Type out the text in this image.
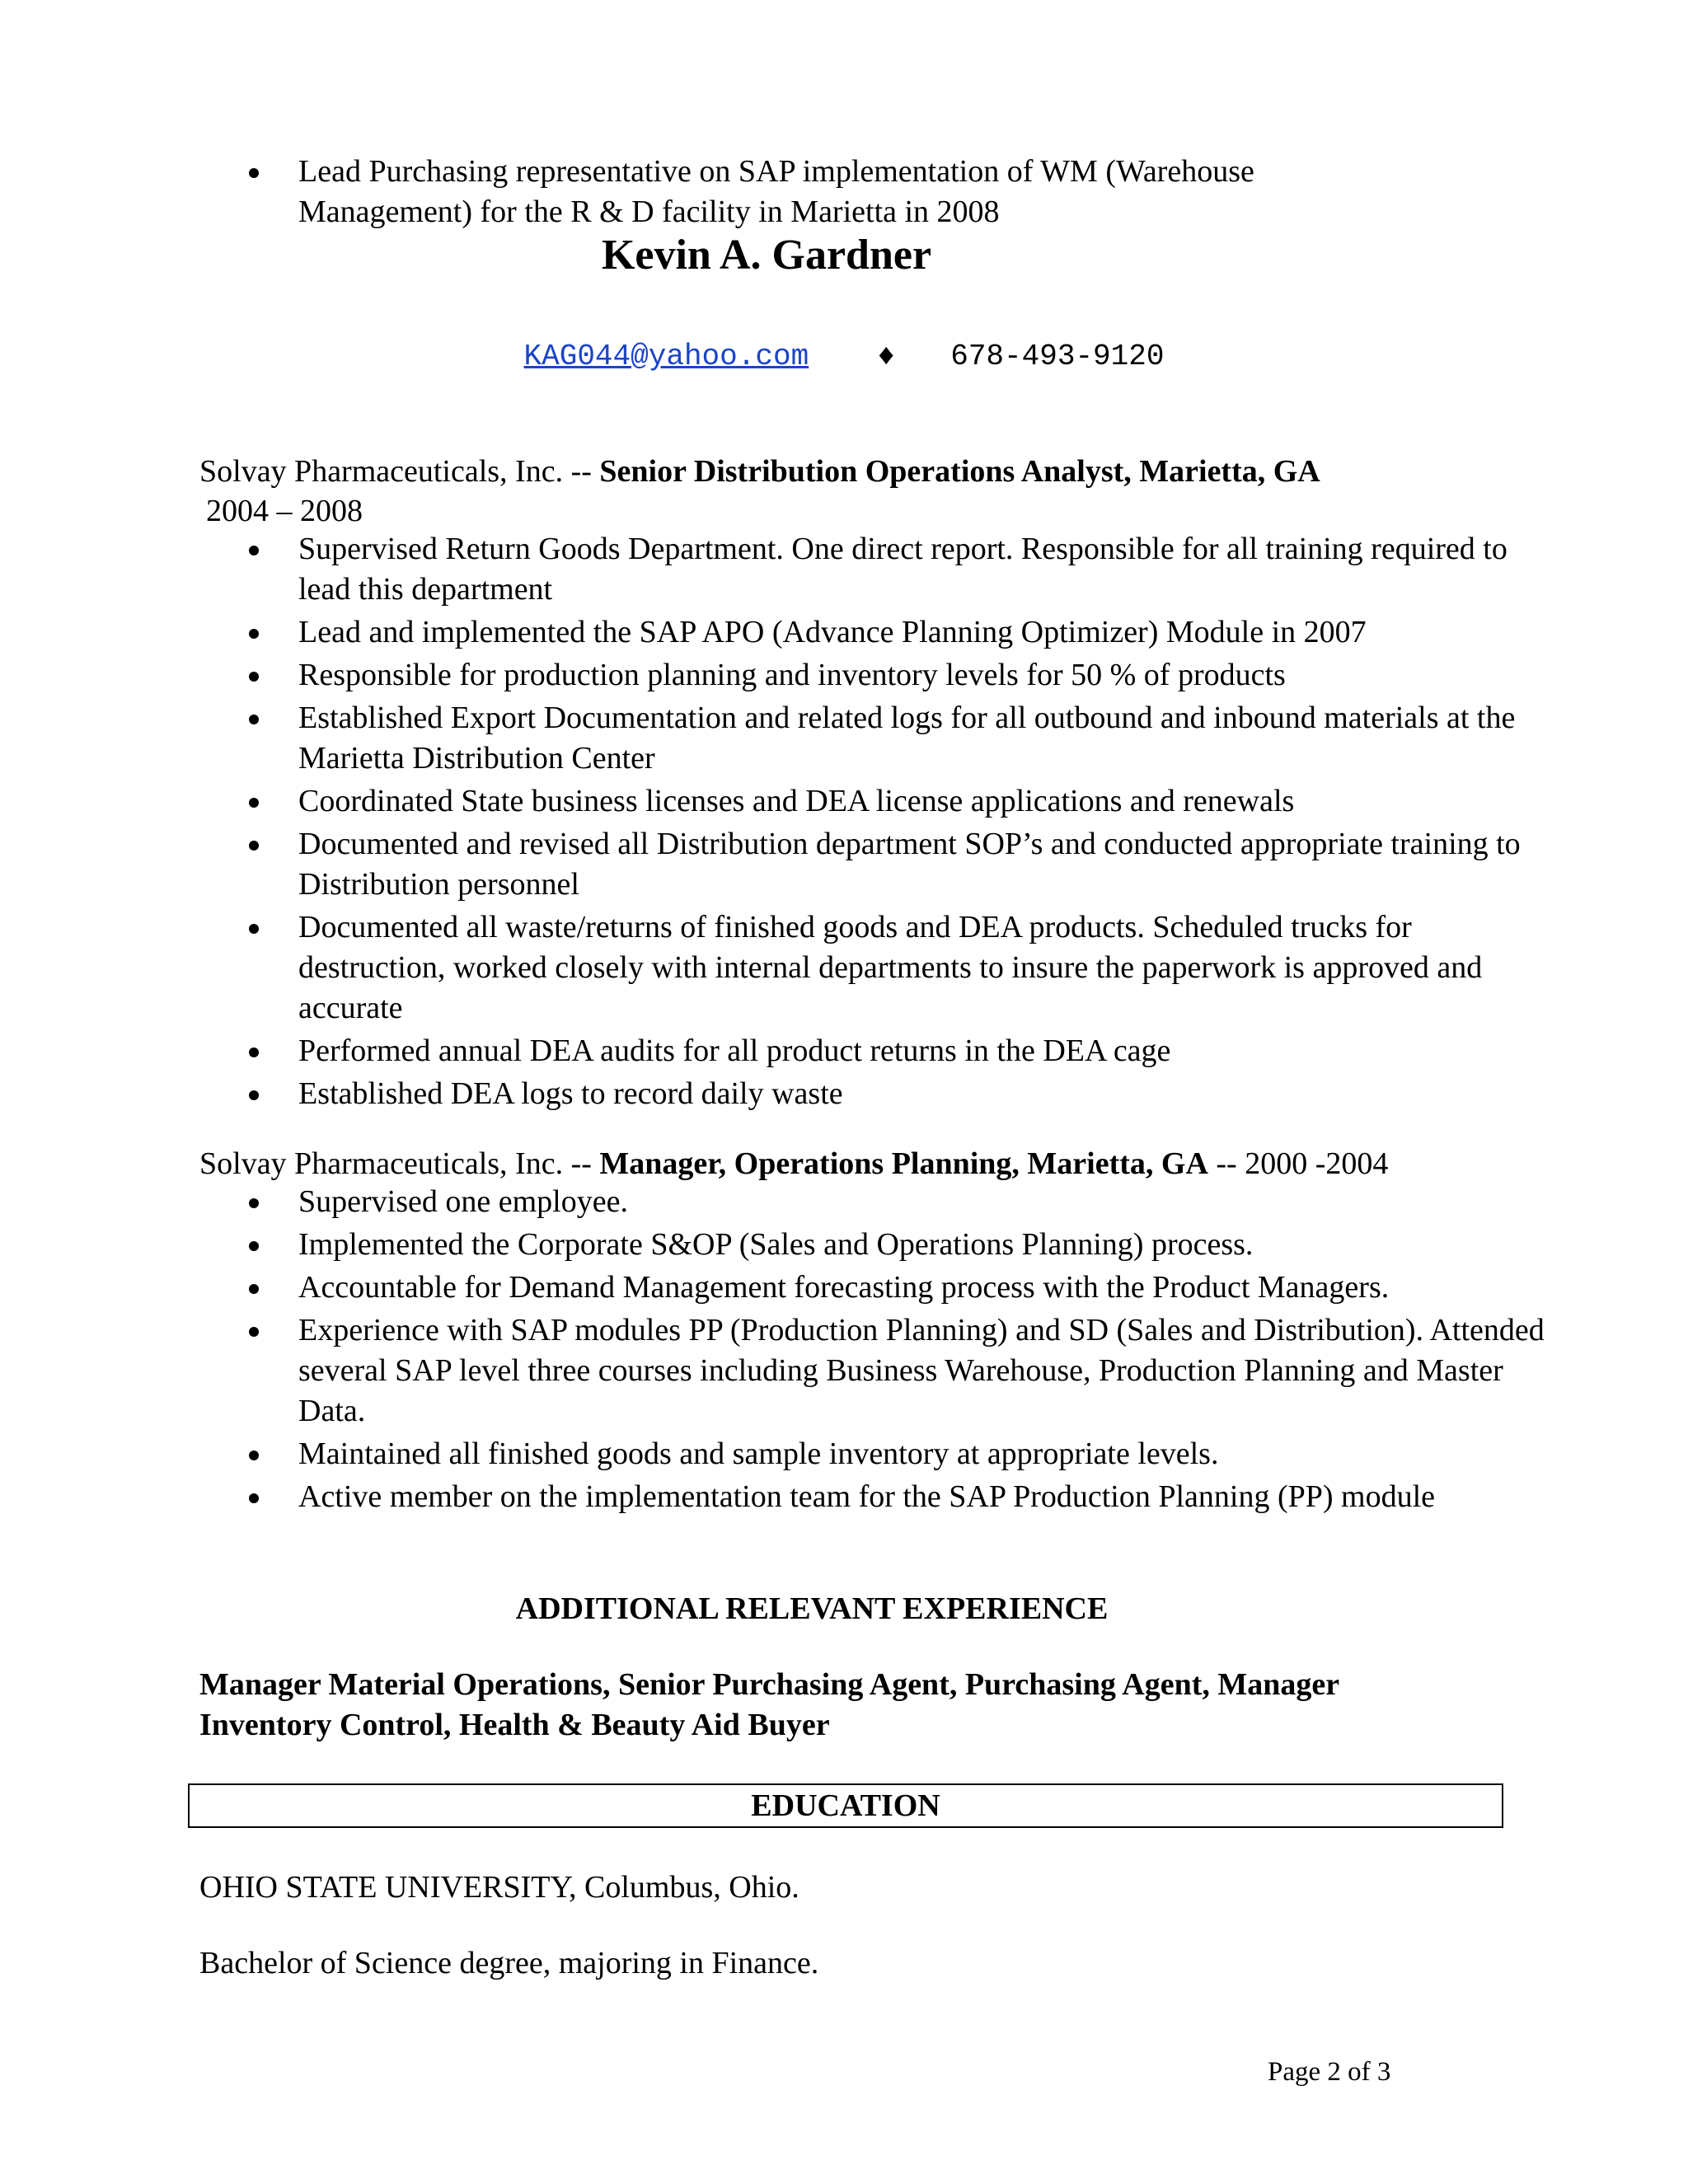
Lead Purchasing representative on SAP implementation of WM (Warehouse Management) for the R & D facility in Marietta in 2008
Kevin A. Gardner
KAG044@yahoo.com ♦ 678-493-9120
Solvay Pharmaceuticals, Inc. -- Senior Distribution Operations Analyst, Marietta, GA
2004 – 2008
Supervised Return Goods Department. One direct report. Responsible for all training required to lead this department
Lead and implemented the SAP APO (Advance Planning Optimizer) Module in 2007
Responsible for production planning and inventory levels for 50 % of products
Established Export Documentation and related logs for all outbound and inbound materials at the Marietta Distribution Center
Coordinated State business licenses and DEA license applications and renewals
Documented and revised all Distribution department SOP’s and conducted appropriate training to Distribution personnel
Documented all waste/returns of finished goods and DEA products. Scheduled trucks for destruction, worked closely with internal departments to insure the paperwork is approved and accurate
Performed annual DEA audits for all product returns in the DEA cage
Established DEA logs to record daily waste
Solvay Pharmaceuticals, Inc. -- Manager, Operations Planning, Marietta, GA -- 2000 -2004
Supervised one employee.
Implemented the Corporate S&OP (Sales and Operations Planning) process.
Accountable for Demand Management forecasting process with the Product Managers.
Experience with SAP modules PP (Production Planning) and SD (Sales and Distribution). Attended several SAP level three courses including Business Warehouse, Production Planning and Master Data.
Maintained all finished goods and sample inventory at appropriate levels.
Active member on the implementation team for the SAP Production Planning (PP) module
ADDITIONAL RELEVANT EXPERIENCE
Manager Material Operations, Senior Purchasing Agent, Purchasing Agent, Manager Inventory Control, Health & Beauty Aid Buyer
EDUCATION
OHIO STATE UNIVERSITY, Columbus, Ohio.
Bachelor of Science degree, majoring in Finance.
Page 2 of 3
